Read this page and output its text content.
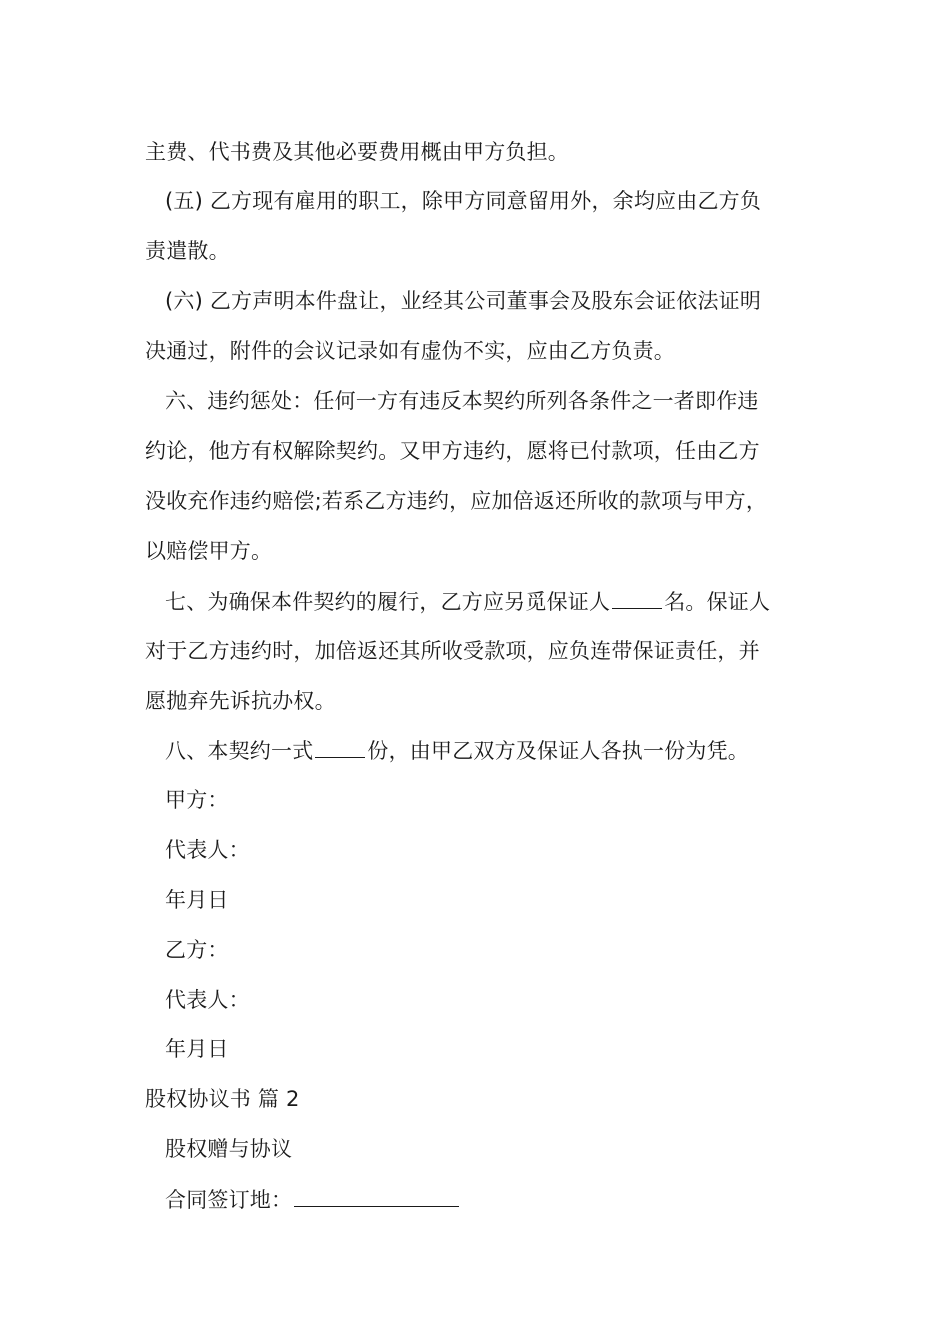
主费、代书费及其他必要费用概由甲方负担。
(五) 乙方现有雇用的职工，除甲方同意留用外，余均应由乙方负
责遣散。
(六) 乙方声明本件盘让，业经其公司董事会及股东会证依法证明
决通过，附件的会议记录如有虚伪不实，应由乙方负责。
六、违约惩处：任何一方有违反本契约所列各条件之一者即作违
约论，他方有权解除契约。又甲方违约，愿将已付款项，任由乙方
没收充作违约赔偿;若系乙方违约，应加倍返还所收的款项与甲方，
以赔偿甲方。
七、为确保本件契约的履行，乙方应另觅保证人	名。保证人
对于乙方违约时，加倍返还其所收受款项，应负连带保证责任，并
愿抛弃先诉抗办权。
八、本契约一式	份，由甲乙双方及保证人各执一份为凭。
甲方：
代表人：
年月日
乙方：
代表人：
年月日
股权协议书 篇 2
股权赠与协议
合同签订地：
